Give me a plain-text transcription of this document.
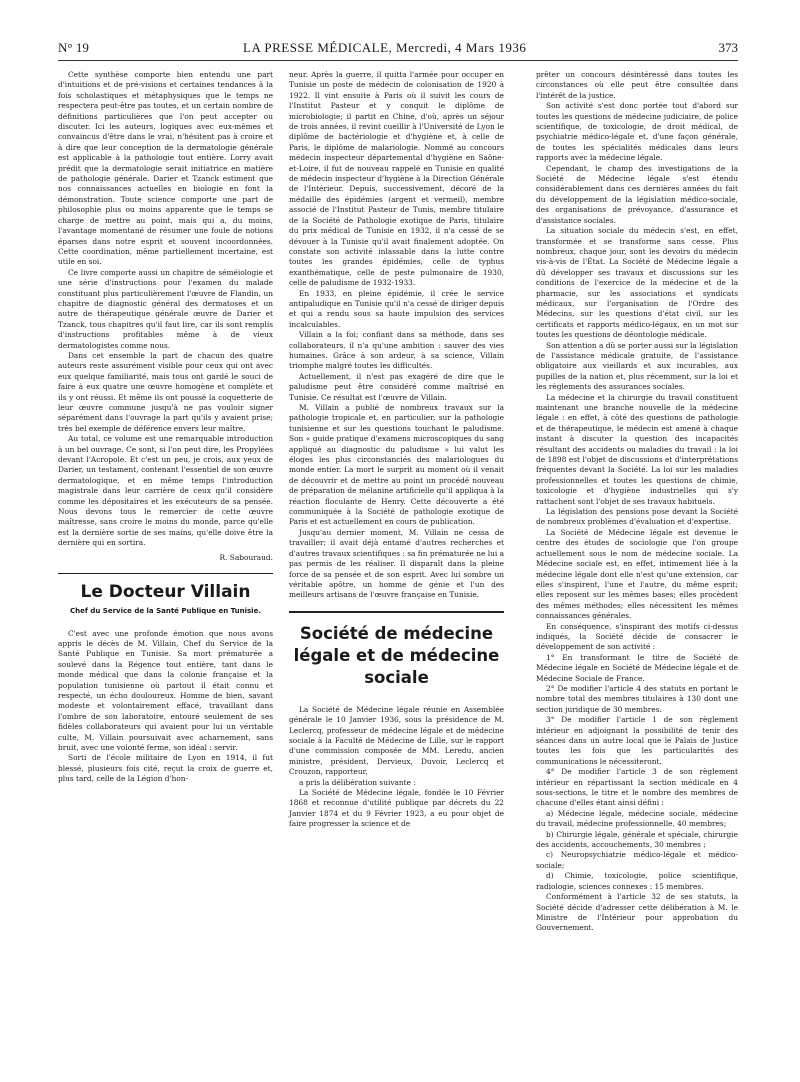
N° 19	LA PRESSE MÉDICALE, Mercredi, 4 Mars 1936	373

Cette synthèse comporte bien entendu une part d'intuitions et de pré-visions et certaines tendances à la fois scholastiques et métaphysiques que le temps ne respectera peut-être pas toutes, et un certain nombre de définitions particulières que l'on peut accepter ou discuter. Ici les auteurs, logiques avec eux-mêmes et convaincus d'être dans le vrai, n'hésitent pas à croire et à dire que leur conception de la dermatologie générale est applicable à la pathologie tout entière. Lorry avait prédit que la dermatologie serait initiatrice en matière de pathologie générale. Darier et Tzanck estiment que nos connaissances actuelles en biologie en font la démonstration. Toute science comporte une part de philosophie plus ou moins apparente que le temps se charge de mettre au point, mais qui a, du moins, l'avantage momentané de résumer une foule de notions éparses dans notre esprit et souvent incoordonnées. Cette coordination, même partiellement incertaine, est utile en soi.

Ce livre comporte aussi un chapitre de séméiologie et une série d'instructions pour l'examen du malade constituant plus particulièrement l'œuvre de Flandin, un chapitre de diagnostic général des dermatoses et un autre de thérapeutique générale œuvre de Darier et Tzanck, tous chapitres qu'il faut lire, car ils sont remplis d'instructions profitables même à de vieux dermatologistes comme nous.

Dans cet ensemble la part de chacun des quatre auteurs reste assurément visible pour ceux qui ont avec eux quelque familiarité, mais tous ont gardé le souci de faire à eux quatre une œuvre homogène et complète et ils y ont réussi. Et même ils ont poussé la coquetterie de leur œuvre commune jusqu'à ne pas vouloir signer séparément dans l'ouvrage la part qu'ils y avaient prise; très bel exemple de déférence envers leur maître.

Au total, ce volume est une remarquable introduction à un bel ouvrage. Ce sont, si l'on peut dire, les Propylées devant l'Acropole. Et c'est un peu, je crois, aux yeux de Darier, un testament, contenant l'essentiel de son œuvre dermatologique, et en même temps l'introduction magistrale dans leur carrière de ceux qu'il considère comme les dépositaires et les exécuteurs de sa pensée. Nous devons tous le remercier de cette œuvre maîtresse, sans croire le moins du monde, parce qu'elle est la dernière sortie de ses mains, qu'elle doive être la dernière qui en sortira.

R. Sabouraud.
Le Docteur Villain
Chef du Service de la Santé Publique en Tunisie.

C'est avec une profonde émotion que nous avons appris le décès de M. Villain, Chef du Service de la Santé Publique en Tunisie. Sa mort prématurée a soulevé dans la Régence tout entière, tant dans le monde médical que dans la colonie française et la population tunisienne où partout il était connu et respecté, un écho douloureux. Homme de bien, savant modeste et volontairement effacé, travaillant dans l'ombre de son laboratoire, entouré seulement de ses fidèles collaborateurs qui avaient pour lui un véritable culte, M. Villain poursuivait avec acharnement, sans bruit, avec une volonté ferme, son idéal : servir.

Sorti de l'école militaire de Lyon en 1914, il fut blessé, plusieurs fois cité, reçut la croix de guerre et, plus tard, celle de la Légion d'hon-

neur. Après la guerre, il quitta l'armée pour occuper en Tunisie un poste de médecin de colonisation de 1920 à 1922. Il vint ensuite à Paris où il suivit les cours de l'Institut Pasteur et y conquit le diplôme de microbiologie; il partit en Chine, d'où, après un séjour de trois années, il revint cueillir à l'Université de Lyon le diplôme de bactériologie et d'hygiène et, à celle de Paris, le diplôme de malariologie. Nommé au concours médecin inspecteur départemental d'hygiène en Saône-et-Loire, il fut de nouveau rappelé en Tunisie en qualité de médecin inspecteur d'hygiène à la Direction Générale de l'Intérieur. Depuis, successivement, décoré de la médaille des épidémies (argent et vermeil), membre associé de l'Institut Pasteur de Tunis, membre titulaire de la Société de Pathologie exotique de Paris, titulaire du prix médical de Tunisie en 1932, il n'a cessé de se dévouer à la Tunisie qu'il avait finalement adoptée. On constate son activité inlassable dans la lutte contre toutes les grandes épidémies, celle de typhus exanthématique, celle de peste pulmonaire de 1930, celle de paludisme de 1932-1933.

En 1933, en pleine épidémie, il crée le service antipaludique en Tunisie qu'il n'a cessé de diriger depuis et qui a rendu sous sa haute impulsion des services incalculables.

Villain a la foi; confiant dans sa méthode, dans ses collaborateurs, il n'a qu'une ambition : sauver des vies humaines. Grâce à son ardeur, à sa science, Villain triomphe malgré toutes les difficultés.

Actuellement, il n'est pas exagéré de dire que le paludisme peut être considéré comme maîtrisé en Tunisie. Ce résultat est l'œuvre de Villain.

M. Villain a publié de nombreux travaux sur la pathologie tropicale et, en particulier, sur la pathologie tunisienne et sur les questions touchant le paludisme. Son « guide pratique d'examens microscopiques du sang appliqué au diagnostic du paludisme » lui valut les éloges les plus circonstanciés des malariologues du monde entier. La mort le surprit au moment où il venait de découvrir et de mettre au point un procédé nouveau de préparation de mélanine artificielle qu'il appliqua à la réaction floculante de Henry. Cette découverte a été communiquée à la Société de pathologie exotique de Paris et est actuellement en cours de publication.

Jusqu'au dernier moment, M. Villain ne cessa de travailler; il avait déjà entamé d'autres recherches et d'autres travaux scientifiques : sa fin prématurée ne lui a pas permis de les réaliser. Il disparaît dans la pleine force de sa pensée et de son esprit. Avec lui sombre un véritable apôtre, un homme de génie et l'un des meilleurs artisans de l'œuvre française en Tunisie.

Société de médecine légale et de médecine sociale

La Société de Médecine légale réunie en Assemblée générale le 10 Janvier 1936, sous la présidence de M. Leclercq, professeur de médecine légale et de médecine sociale à la Faculté de Médecine de Lille, sur le rapport d'une commission composée de MM. Leredu, ancien ministre, président, Dervieux, Duvoir, Leclercq et Crouzon, rapporteur,

a pris la délibération suivante :

La Société de Médecine légale, fondée le 10 Février 1868 et reconnue d'utilité publique par décrets du 22 Janvier 1874 et du 9 Février 1923, a eu pour objet de faire progresser la science et de

prêter un concours désintéressé dans toutes les circonstances où elle peut être consultée dans l'intérêt de la justice.

Son activité s'est donc portée tout d'abord sur toutes les questions de médecine judiciaire, de police scientifique, de toxicologie, de droit médical, de psychiatrie médico-légale et, d'une façon générale, de toutes les spécialités médicales dans leurs rapports avec la médecine légale.

Cependant, le champ des investigations de la Société de Médecine légale s'est étendu considérablement dans ces dernières années du fait du développement de la législation médico-sociale, des organisations de prévoyance, d'assurance et d'assistance sociales.

La situation sociale du médecin s'est, en effet, transformée et se transforme sans cesse. Plus nombreux, chaque jour, sont les devoirs du médecin vis-à-vis de l'État. La Société de Médecine légale a dû développer ses travaux et discussions sur les conditions de l'exercice de la médecine et de la pharmacie, sur les associations et syndicats médicaux, sur l'organisation de l'Ordre des Médecins, sur les questions d'état civil, sur les certificats et rapports médico-légaux, en un mot sur toutes les questions de déontologie médicale.

Son attention a dû se porter aussi sur la législation de l'assistance médicale gratuite, de l'assistance obligatoire aux vieillards et aux incurables, aux pupilles de la nation et, plus récemment, sur la loi et les règlements des assurances sociales.

La médecine et la chirurgie du travail constituent maintenant une branche nouvelle de la médecine légale : en effet, à côté des questions de pathologie et de thérapeutique, le médecin est amené à chaque instant à discuter la question des incapacités résultant des accidents ou maladies du travail : la loi de 1898 est l'objet de discussions et d'interprétations fréquentes devant la Société. La loi sur les maladies professionnelles et toutes les questions de chimie, toxicologie et d'hygiène industrielles qui s'y rattachent sont l'objet de ses travaux habituels.

La législation des pensions pose devant la Société de nombreux problèmes d'évaluation et d'expertise.

La Société de Médecine légale est devenue le centre des études de sociologie que l'on groupe actuellement sous le nom de médecine sociale. La Médecine sociale est, en effet, intimement liée à la médecine légale dont elle n'est qu'une extension, car elles s'inspirent, l'une et l'autre, du même esprit; elles reposent sur les mêmes bases; elles procèdent des mêmes méthodes; elles nécessitent les mêmes connaissances générales.

En conséquence, s'inspirant des motifs ci-dessus indiqués, la Société décide de consacrer le développement de son activité :

1° En transformant le titre de Société de Médecine légale en Société de Médecine légale et de Médecine Sociale de France.

2° De modifier l'article 4 des statuts en portant le nombre total des membres titulaires à 130 dont une section juridique de 30 membres.

3° De modifier l'article 1 de son règlement intérieur en adjoignant la possibilité de tenir des séances dans un autre local que le Palais de Justice toutes les fois que les particularités des communications le nécessiteront.

4° De modifier l'article 3 de son règlement intérieur en répartissant la section médicale en 4 sous-sections, le titre et le nombre des membres de chacune d'elles étant ainsi défini :

a) Médecine légale, médecine sociale, médecine du travail, médecine professionnelle, 40 membres;

b) Chirurgie légale, générale et spéciale, chirurgie des accidents, accouchements, 30 membres ;

c) Neuropsychiatrie médico-légale et médico-sociale;

d) Chimie, toxicologie, police scientifique, radiologie, sciences connexes : 15 membres.

Conformément à l'article 32 de ses statuts, la Société décide d'adresser cette délibération à M. le Ministre de l'Intérieur pour approbation du Gouvernement.
